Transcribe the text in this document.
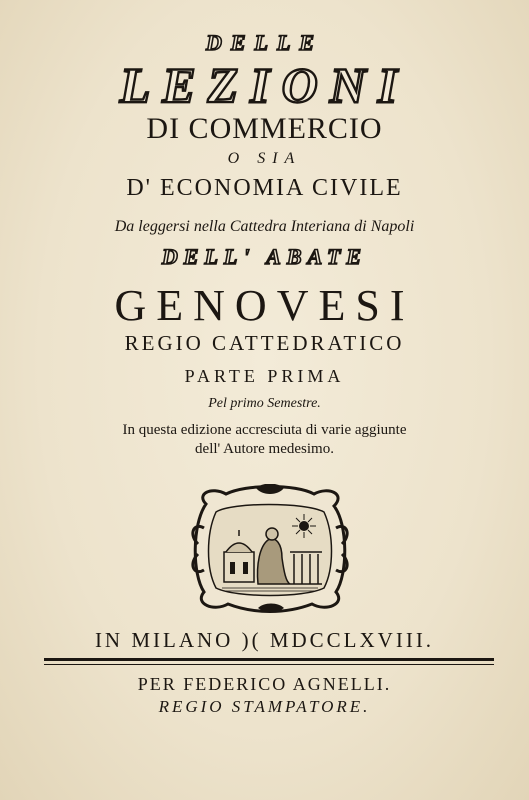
DELLE
LEZIONI
DI COMMERCIO
O SIA
D' ECONOMIA CIVILE
Da leggersi nella Cattedra Interiana di Napoli
DELL' ABATE
GENOVESI
REGIO CATTEDRATICO
PARTE PRIMA
Pel primo Semestre.
In questa edizione accresciuta di varie aggiunte
dell' Autore medesimo.
IN MILANO )( MDCCLXVIII.
PER FEDERICO AGNELLI.
REGIO STAMPATORE.
